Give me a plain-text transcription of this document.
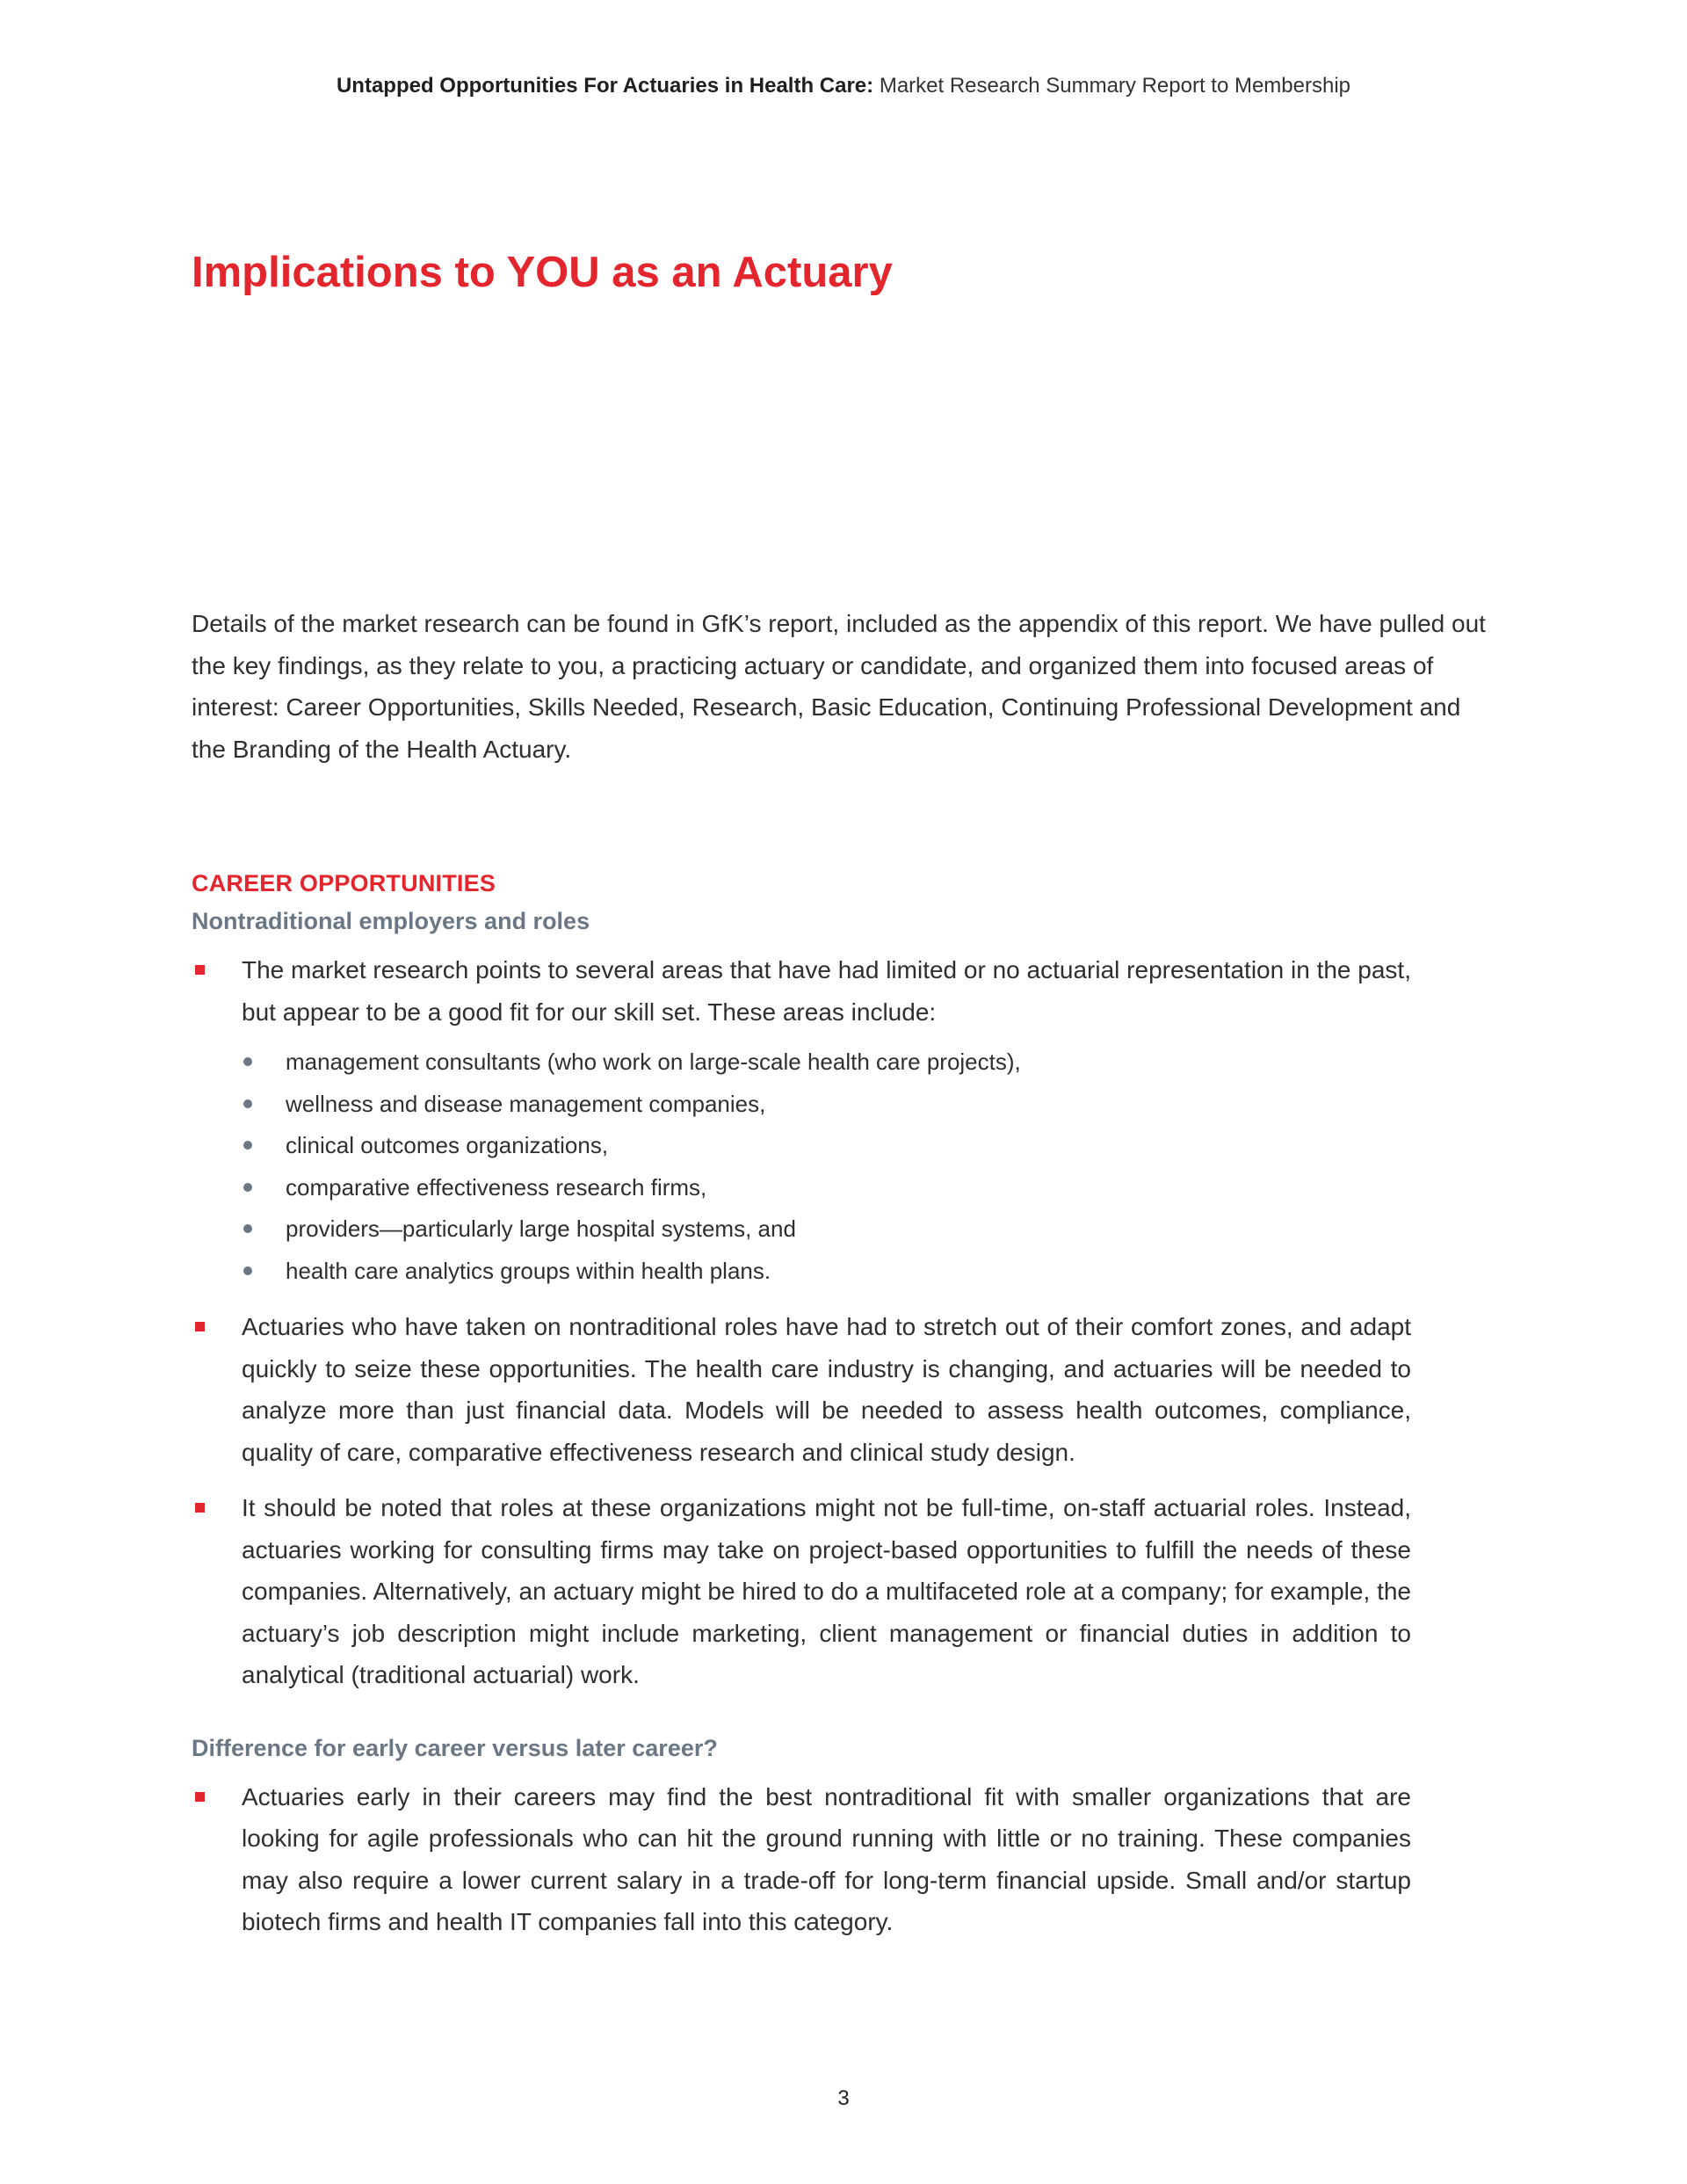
Untapped Opportunities For Actuaries in Health Care: Market Research Summary Report to Membership
Implications to YOU as an Actuary

Details of the market research can be found in GfK’s report, included as the appendix of this report. We have pulled out the key findings, as they relate to you, a practicing actuary or candidate, and organized them into focused areas of interest: Career Opportunities, Skills Needed, Research, Basic Education, Continuing Professional Development and the Branding of the Health Actuary.

CAREER OPPORTUNITIES
Nontraditional employers and roles
The market research points to several areas that have had limited or no actuarial representation in the past, but appear to be a good fit for our skill set. These areas include:
management consultants (who work on large-scale health care projects),
wellness and disease management companies,
clinical outcomes organizations,
comparative effectiveness research firms,
providers—particularly large hospital systems, and
health care analytics groups within health plans.
Actuaries who have taken on nontraditional roles have had to stretch out of their comfort zones, and adapt quickly to seize these opportunities. The health care industry is changing, and actuaries will be needed to analyze more than just financial data. Models will be needed to assess health outcomes, compliance, quality of care, comparative effectiveness research and clinical study design.
It should be noted that roles at these organizations might not be full-time, on-staff actuarial roles. Instead, actuaries working for consulting firms may take on project-based opportunities to fulfill the needs of these companies. Alternatively, an actuary might be hired to do a multifaceted role at a company; for example, the actuary’s job description might include marketing, client management or financial duties in addition to analytical (traditional actuarial) work.
Difference for early career versus later career?
Actuaries early in their careers may find the best nontraditional fit with smaller organizations that are looking for agile professionals who can hit the ground running with little or no training. These companies may also require a lower current salary in a trade-off for long-term financial upside. Small and/or startup biotech firms and health IT companies fall into this category.
3
